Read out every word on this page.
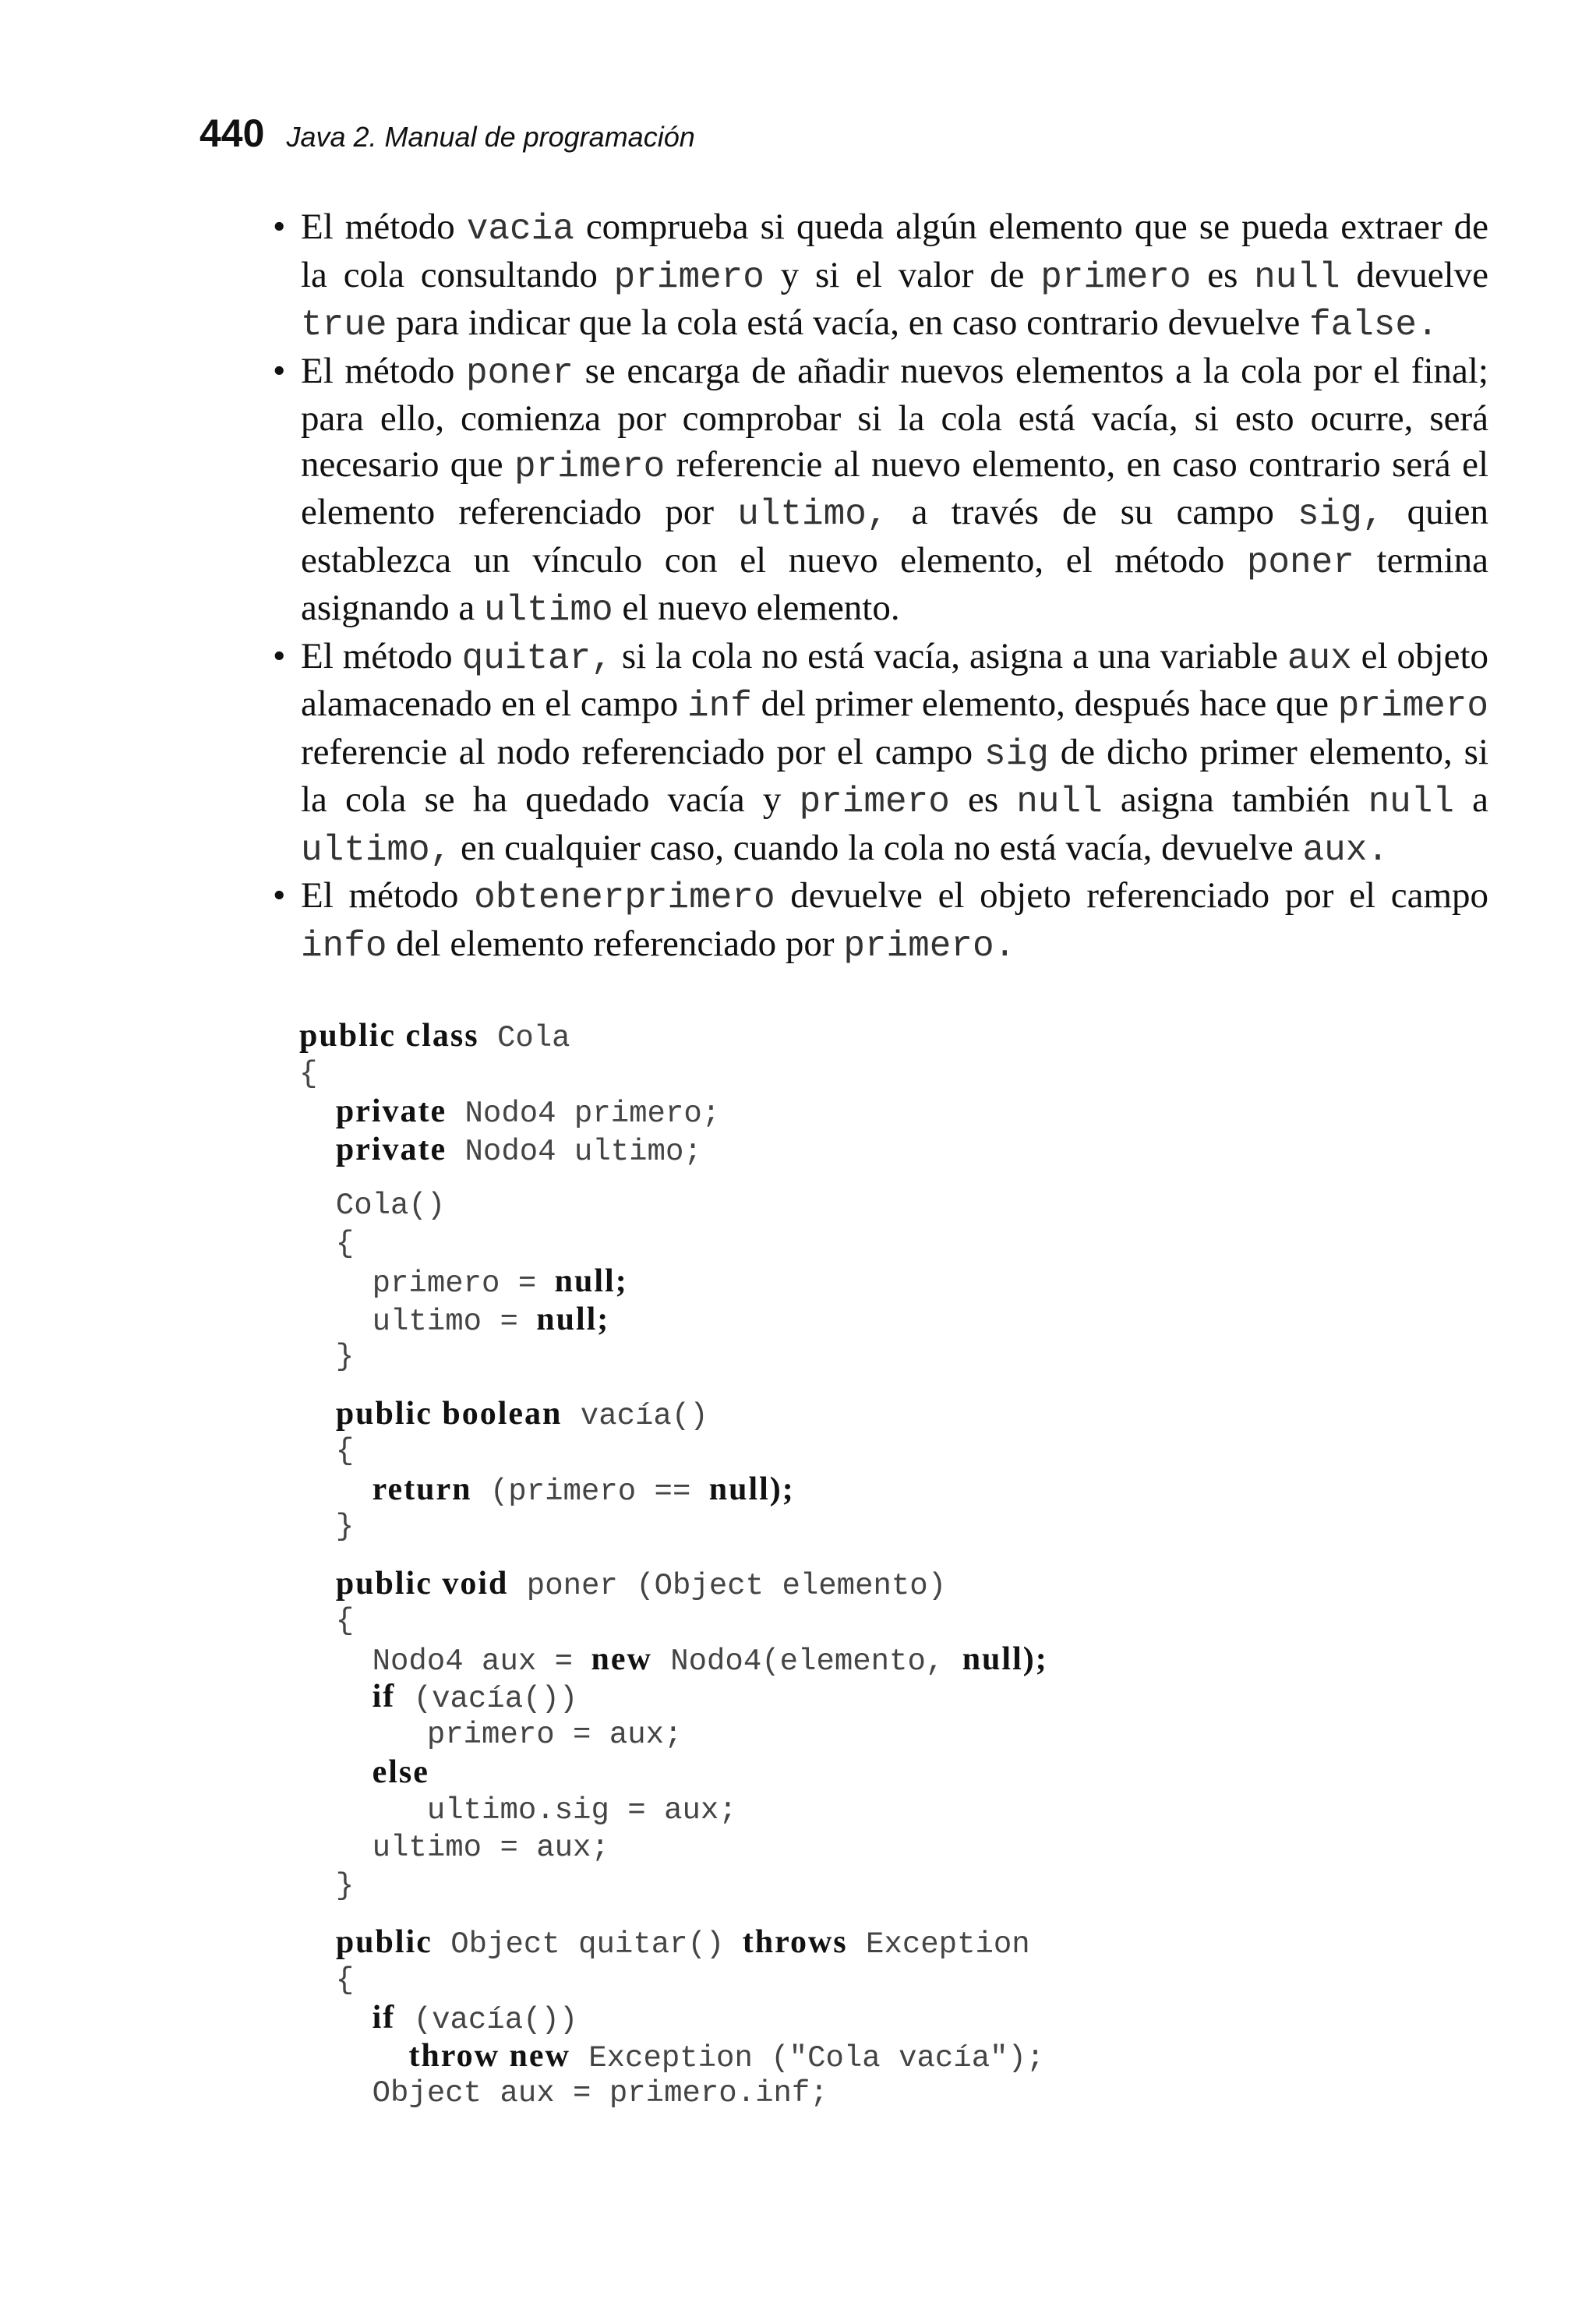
440 Java 2. Manual de programación
• El método vacia comprueba si queda algún elemento que se pueda extraer de la cola consultando primero y si el valor de primero es null devuelve true para indicar que la cola está vacía, en caso contrario devuelve false.
• El método poner se encarga de añadir nuevos elementos a la cola por el final; para ello, comienza por comprobar si la cola está vacía, si esto ocurre, será necesario que primero referencie al nuevo elemento, en caso contrario será el elemento referenciado por ultimo, a través de su campo sig, quien establezca un vínculo con el nuevo elemento, el método poner termina asignando a ultimo el nuevo elemento.
• El método quitar, si la cola no está vacía, asigna a una variable aux el objeto alamacenado en el campo inf del primer elemento, después hace que primero referencie al nodo referenciado por el campo sig de dicho primer elemento, si la cola se ha quedado vacía y primero es null asigna también null a ultimo, en cualquier caso, cuando la cola no está vacía, devuelve aux.
• El método obtenerprimero devuelve el objeto referenciado por el campo info del elemento referenciado por primero.
public class Cola
{
private Nodo4 primero;
private Nodo4 ultimo;
Cola()
{
primero = null;
ultimo = null;
}
public boolean vacía()
{
return (primero == null);
}
public void poner (Object elemento)
{
Nodo4 aux = new Nodo4(elemento, null);
if (vacía())
primero = aux;
else
ultimo.sig = aux;
ultimo = aux;
}
public Object quitar() throws Exception
{
if (vacía())
throw new Exception ("Cola vacía");
Object aux = primero.inf;
